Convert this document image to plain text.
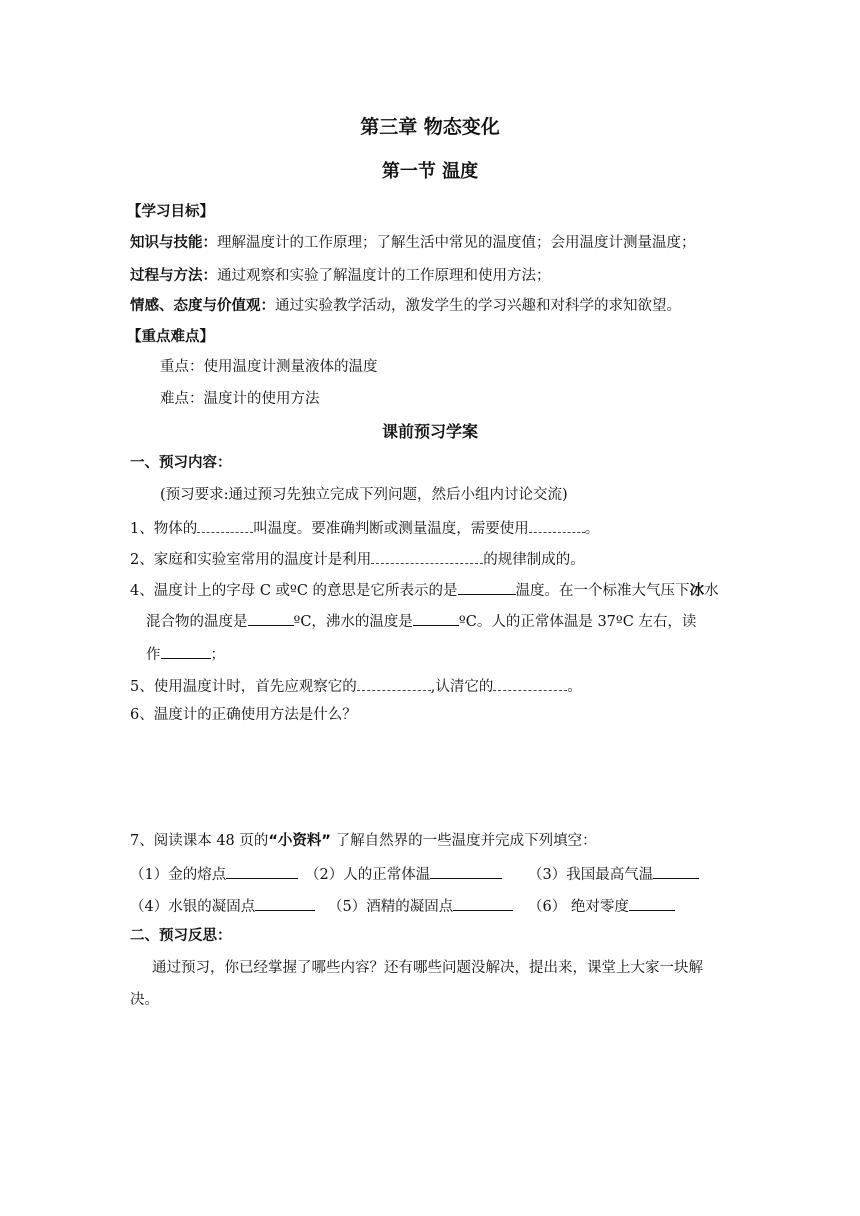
第三章 物态变化
第一节 温度
【学习目标】
知识与技能：理解温度计的工作原理；了解生活中常见的温度值；会用温度计测量温度；
过程与方法：通过观察和实验了解温度计的工作原理和使用方法；
情感、态度与价值观：通过实验教学活动，激发学生的学习兴趣和对科学的求知欲望。
【重点难点】
重点：使用温度计测量液体的温度
难点：温度计的使用方法
课前预习学案
一、预习内容：
(预习要求:通过预习先独立完成下列问题，然后小组内讨论交流)
1、物体的	叫温度。要准确判断或测量温度，需要使用	。
2、家庭和实验室常用的温度计是利用	的规律制成的。
4、温度计上的字母 C 或ºC 的意思是它所表示的是	温度。在一个标准大气压下冰水
混合物的温度是	ºC，沸水的温度是	ºC。人的正常体温是 37ºC 左右，读
作	；
5、使用温度计时，首先应观察它的	,认清它的	。
6、温度计的正确使用方法是什么？
7、阅读课本 48 页的“小资料” 了解自然界的一些温度并完成下列填空：
（1）金的熔点	（2）人的正常体温	（3）我国最高气温
（4）水银的凝固点	（5）酒精的凝固点	（6） 绝对零度
二、预习反思：
通过预习，你已经掌握了哪些内容？还有哪些问题没解决，提出来，课堂上大家一块解
决。
